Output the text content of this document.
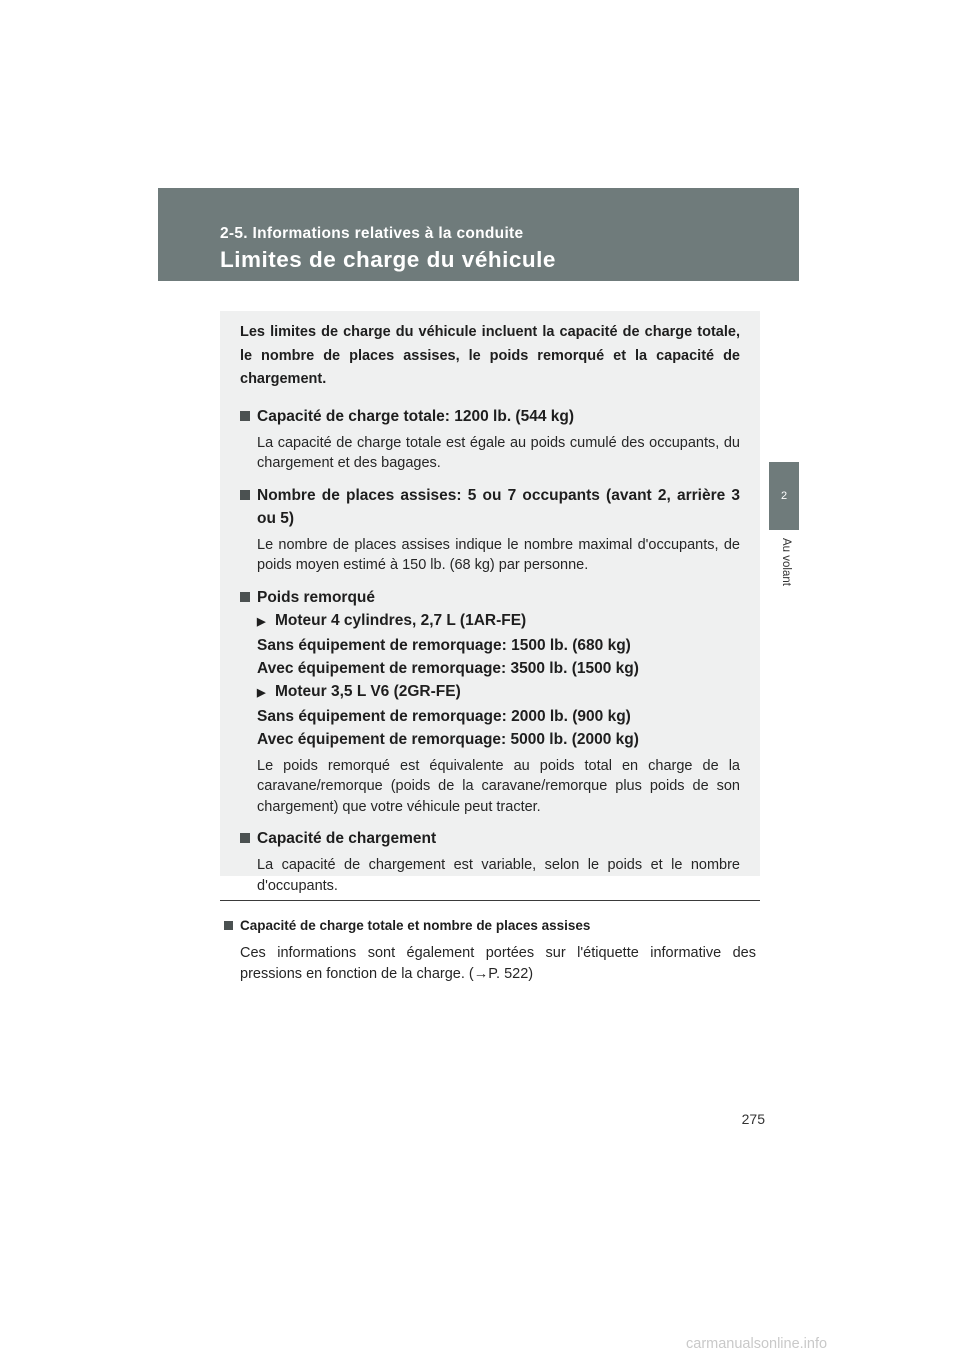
2-5. Informations relatives à la conduite
Limites de charge du véhicule
2
Au volant

Les limites de charge du véhicule incluent la capacité de charge totale, le nombre de places assises, le poids remorqué et la capacité de chargement.

Capacité de charge totale: 1200 lb. (544 kg)
La capacité de charge totale est égale au poids cumulé des occupants, du chargement et des bagages.
Nombre de places assises: 5 ou 7 occupants (avant 2, arrière 3 ou 5)
Le nombre de places assises indique le nombre maximal d'occupants, de poids moyen estimé à 150 lb. (68 kg) par personne.
Poids remorqué
▶ Moteur 4 cylindres, 2,7 L (1AR-FE)
Sans équipement de remorquage: 1500 lb. (680 kg)
Avec équipement de remorquage: 3500 lb. (1500 kg)
▶ Moteur 3,5 L V6 (2GR-FE)
Sans équipement de remorquage: 2000 lb. (900 kg)
Avec équipement de remorquage: 5000 lb. (2000 kg)
Le poids remorqué est équivalente au poids total en charge de la caravane/remorque (poids de la caravane/remorque plus poids de son chargement) que votre véhicule peut tracter.
Capacité de chargement
La capacité de chargement est variable, selon le poids et le nombre d'occupants.
Capacité de charge totale et nombre de places assises
Ces informations sont également portées sur l'étiquette informative des pressions en fonction de la charge. (→P. 522)
275
carmanualsonline.info
